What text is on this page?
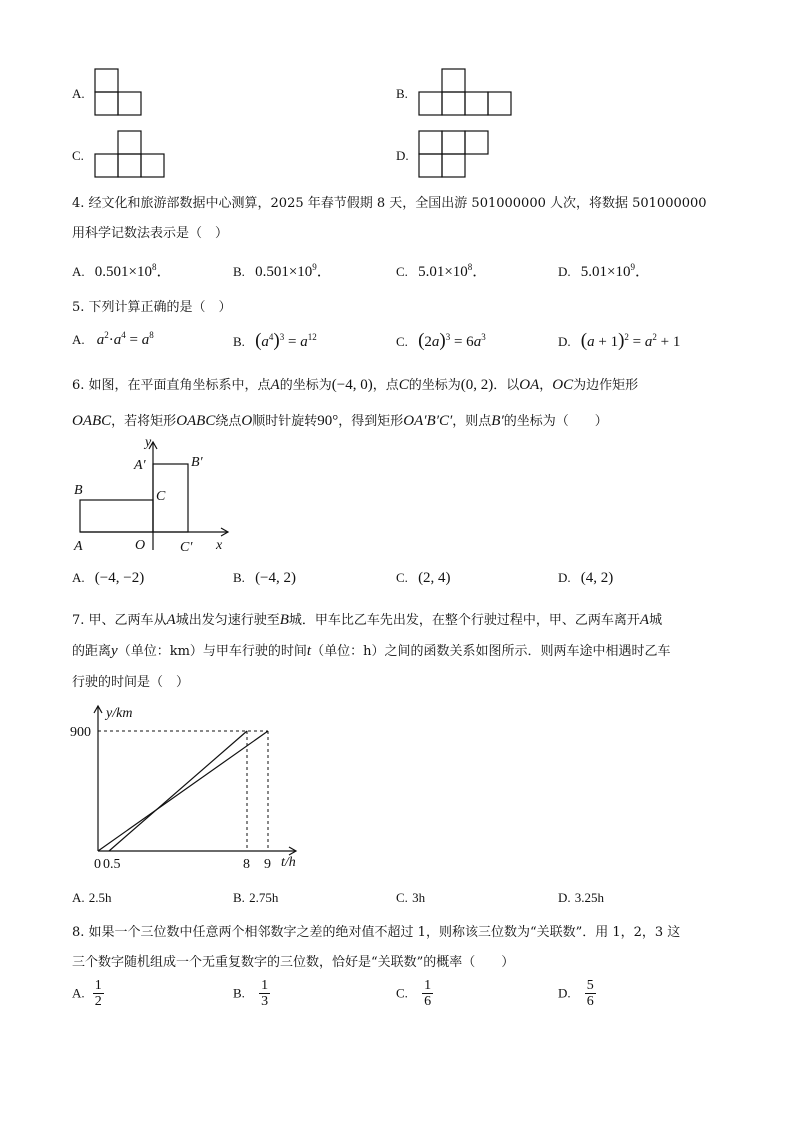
A.	B.
C.	D.
4. 经文化和旅游部数据中心测算，2025 年春节假期 8 天，全国出游 501000000 人次，将数据 501000000
用科学记数法表示是（　）
A. $0.501\times 10^8$．	B. $0.501\times 10^9$．	C. $5.01\times 10^8$．	D. $5.01\times 10^9$．
5. 下列计算正确的是（　）
A. $a^2\cdot a^4 = a^8$	B. $(a^4)^3 = a^{12}$	C. $(2a)^3 = 6a^3$	D. $(a + 1)^2 = a^2 + 1$
6. 如图，在平面直角坐标系中，点A的坐标为(−4, 0)，点C的坐标为(0, 2)．以OA，OC为边作矩形
OABC，若将矩形OABC绕点O顺时针旋转90°，得到矩形OA′B′C′，则点B′的坐标为（　　）
y
x
B
A	O
C
A′	B′
C′
A. (−4, −2)	B. (−4, 2)	C. (2, 4)	D. (4, 2)
7. 甲、乙两车从A城出发匀速行驶至B城．甲车比乙车先出发，在整个行驶过程中，甲、乙两车离开A城
的距离y（单位：km）与甲车行驶的时间t（单位：h）之间的函数关系如图所示．则两车途中相遇时乙车
行驶的时间是（　）
y/km
900
0 0.5	8 9 t/h
A. 2.5h	B. 2.75h	C. 3h	D. 3.25h
8. 如果一个三位数中任意两个相邻数字之差的绝对值不超过 1，则称该三位数为“关联数”．用 1，2，3 这
三个数字随机组成一个无重复数字的三位数，恰好是“关联数”的概率（　　）
A. $\frac{1}{2}$	B. $\frac{1}{3}$	C. $\frac{1}{6}$	D. $\frac{5}{6}$
